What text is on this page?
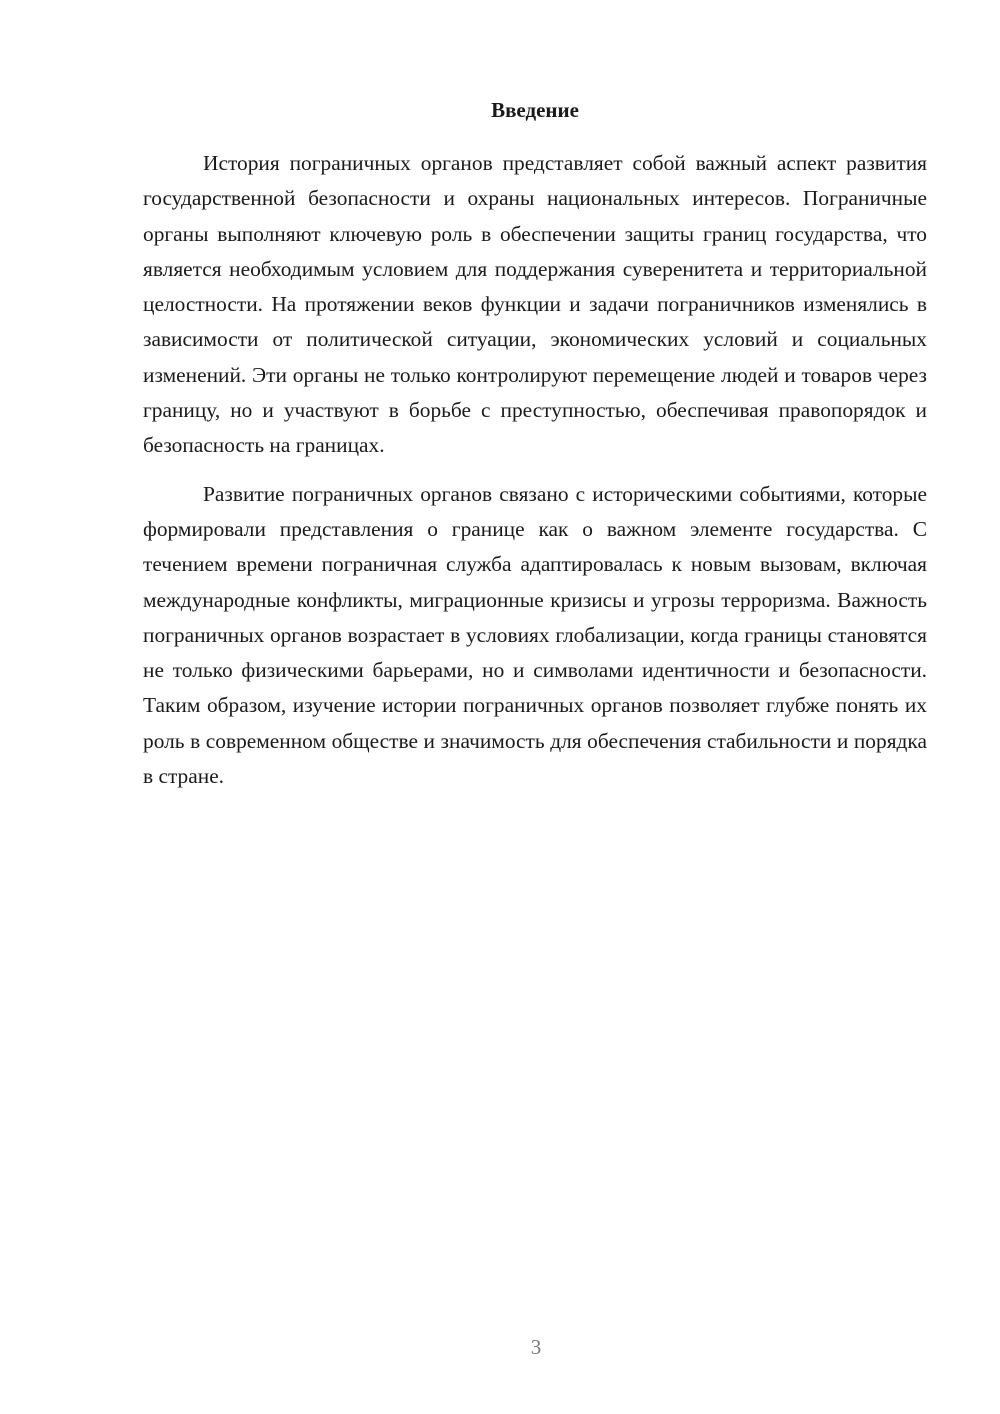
Введение

История пограничных органов представляет собой важный аспект развития государственной безопасности и охраны национальных интересов. Пограничные органы выполняют ключевую роль в обеспечении защиты границ государства, что является необходимым условием для поддержания суверенитета и территориальной целостности. На протяжении веков функции и задачи пограничников изменялись в зависимости от политической ситуации, экономических условий и социальных изменений. Эти органы не только контролируют перемещение людей и товаров через границу, но и участвуют в борьбе с преступностью, обеспечивая правопорядок и безопасность на границах.

Развитие пограничных органов связано с историческими событиями, которые формировали представления о границе как о важном элементе государства. С течением времени пограничная служба адаптировалась к новым вызовам, включая международные конфликты, миграционные кризисы и угрозы терроризма. Важность пограничных органов возрастает в условиях глобализации, когда границы становятся не только физическими барьерами, но и символами идентичности и безопасности. Таким образом, изучение истории пограничных органов позволяет глубже понять их роль в современном обществе и значимость для обеспечения стабильности и порядка в стране.

3
